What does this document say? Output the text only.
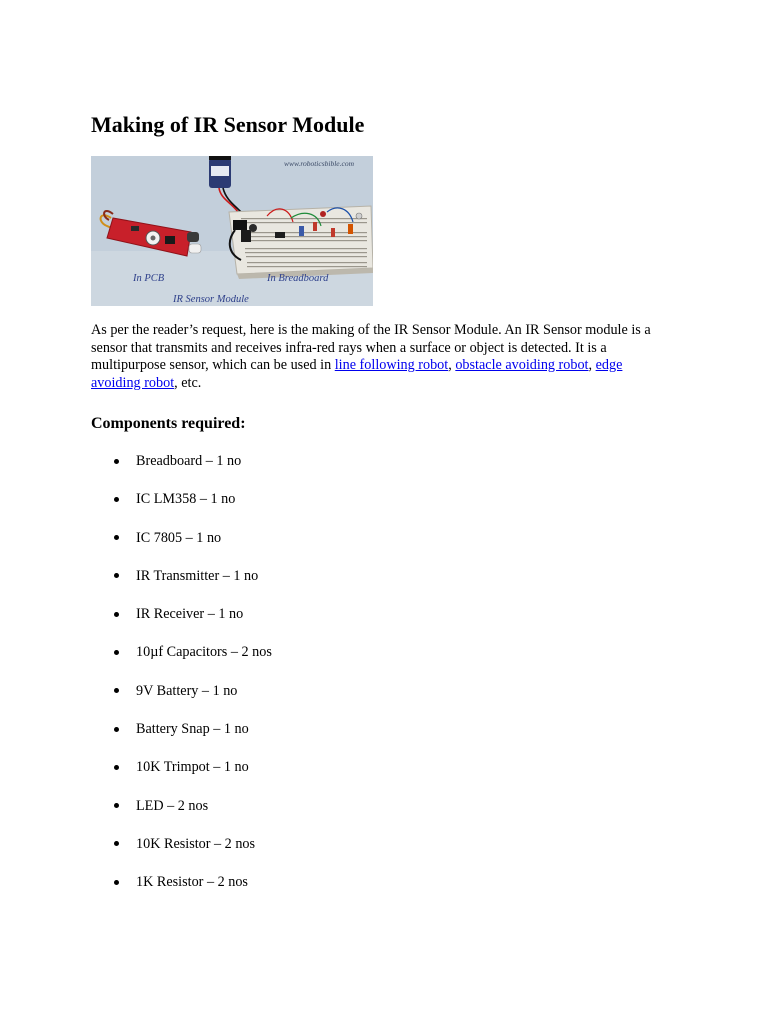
Making of IR Sensor Module
www.roboticsbible.com
In PCB	In Breadboard
IR Sensor Module

As per the reader’s request, here is the making of the IR Sensor Module. An IR Sensor module is a sensor that transmits and receives infra-red rays when a surface or object is detected. It is a multipurpose sensor, which can be used in line following robot, obstacle avoiding robot, edge avoiding robot, etc.

Components required:
Breadboard – 1 no
IC LM358 – 1 no
IC 7805 – 1 no
IR Transmitter – 1 no
IR Receiver – 1 no
10µf Capacitors – 2 nos
9V Battery – 1 no
Battery Snap – 1 no
10K Trimpot – 1 no
LED – 2 nos
10K Resistor – 2 nos
1K Resistor – 2 nos
